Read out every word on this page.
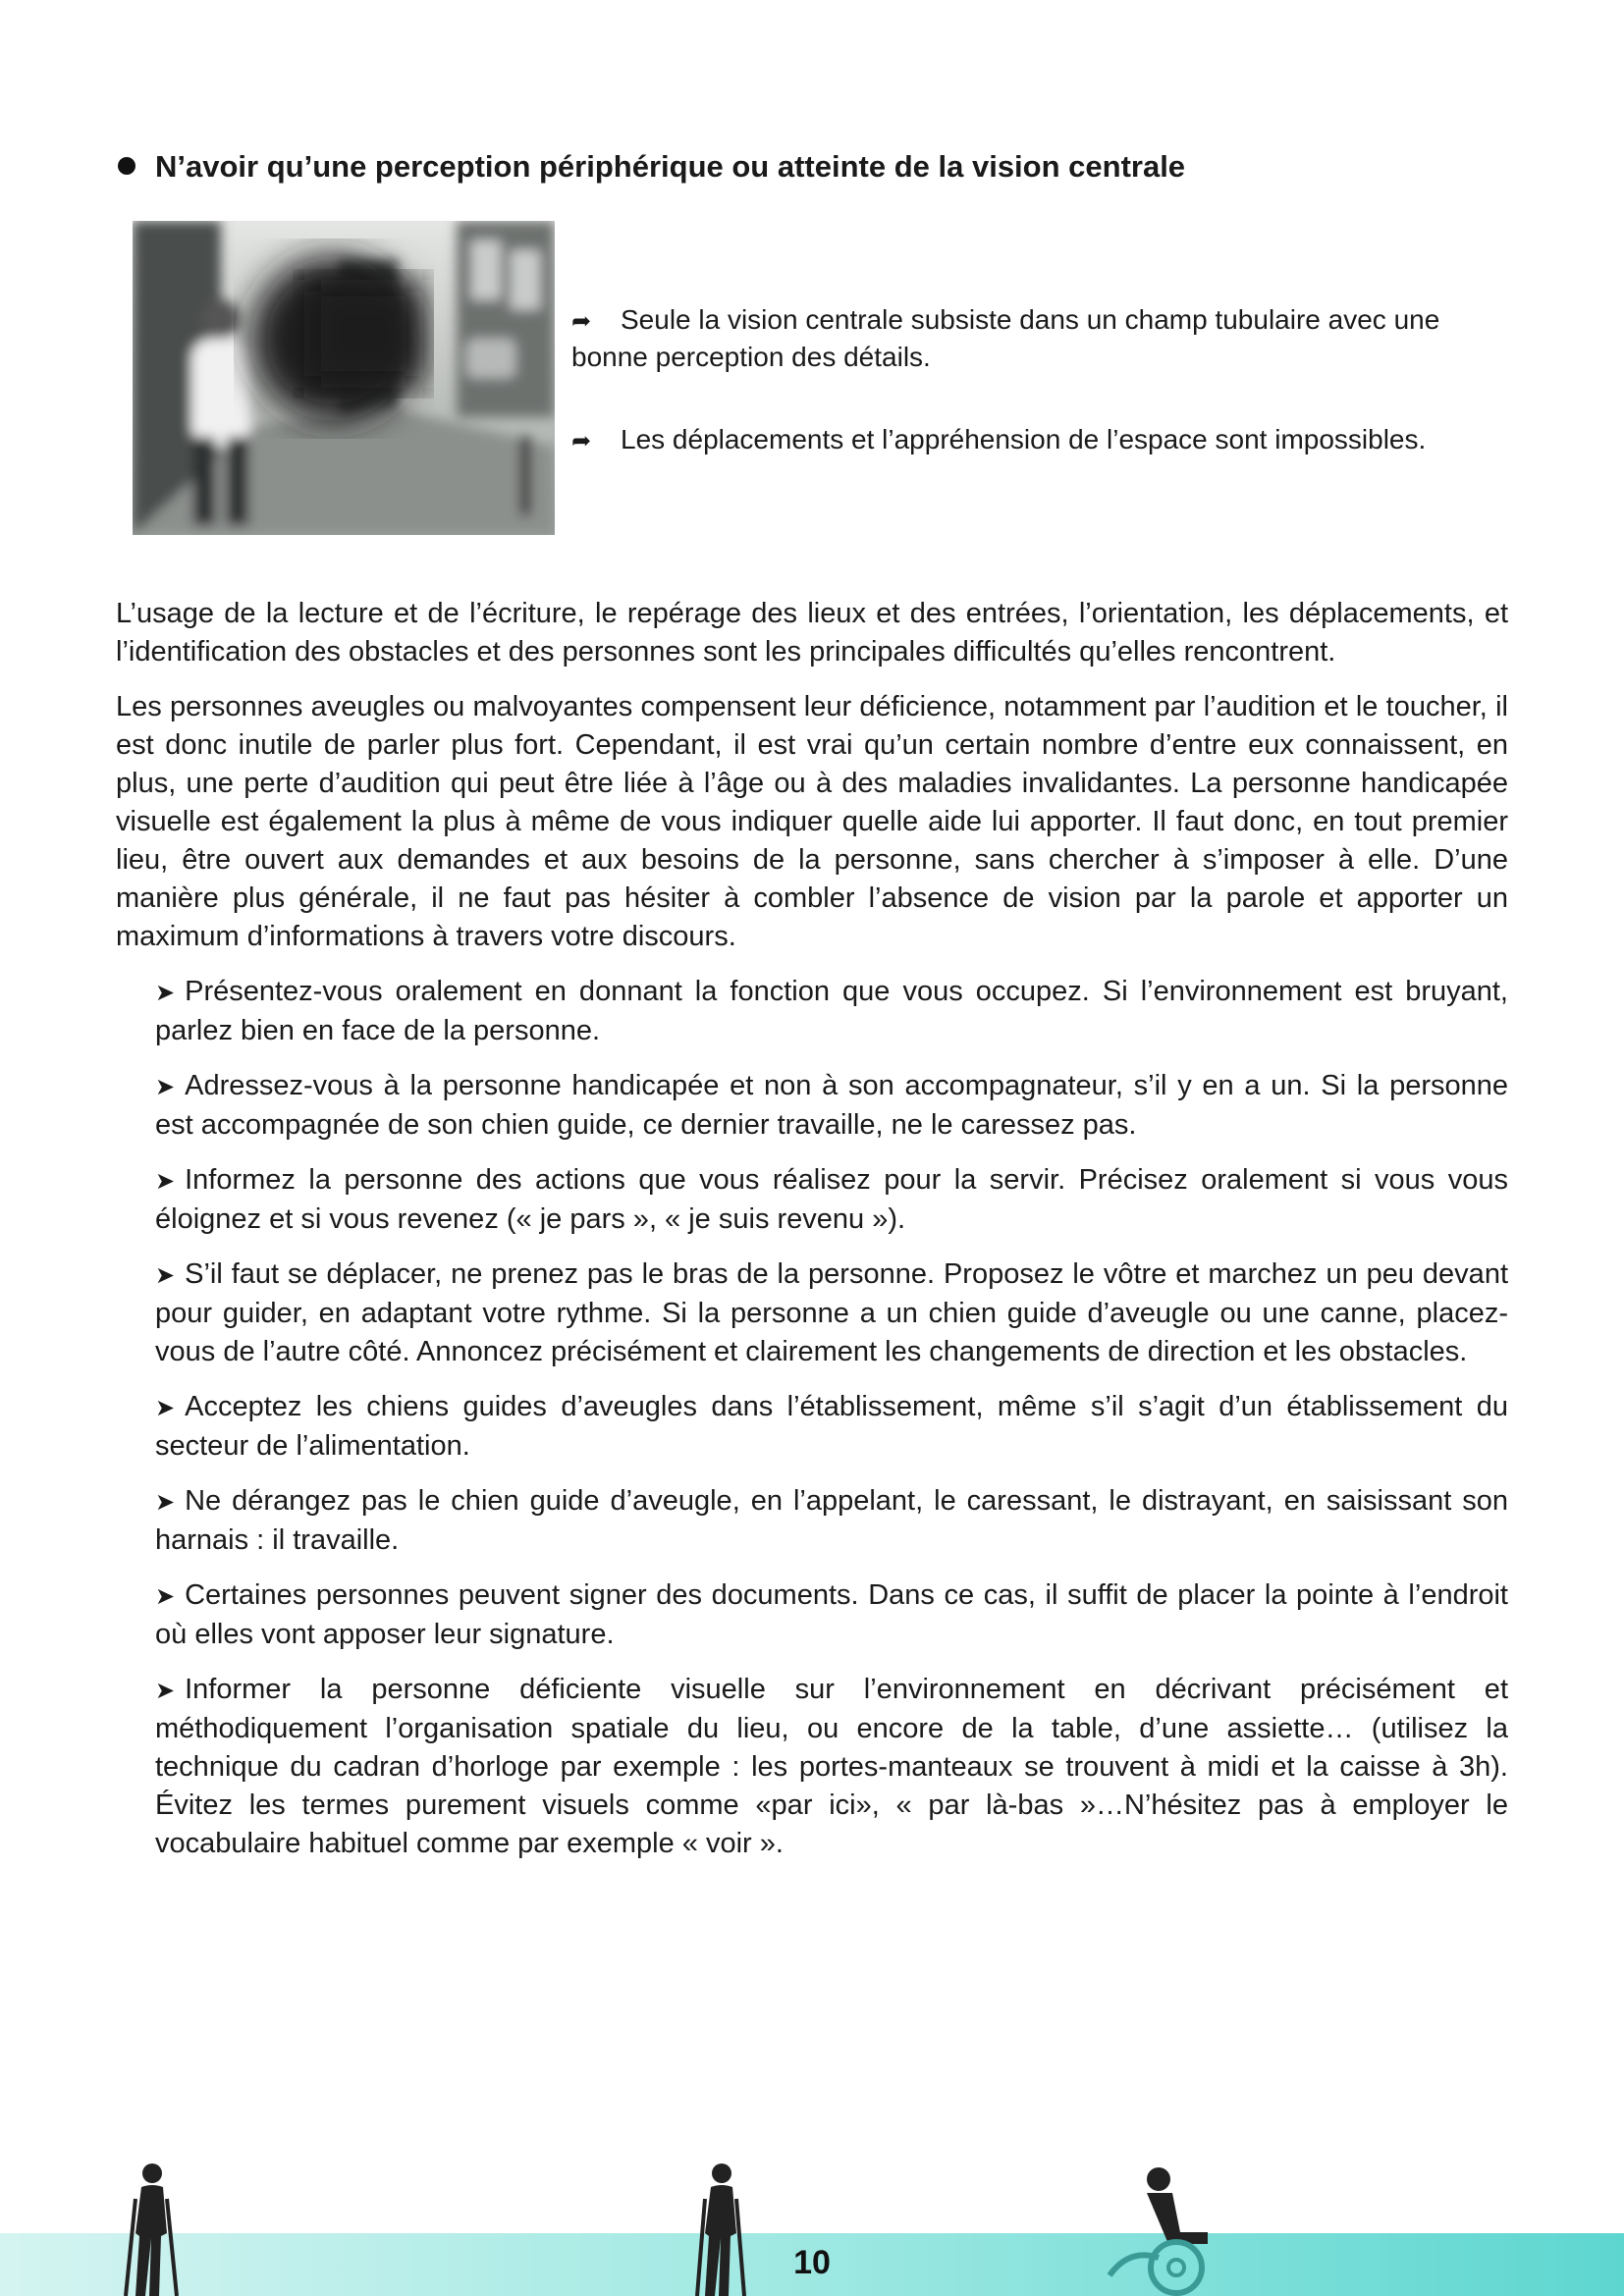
N’avoir qu’une perception périphérique ou atteinte de la vision centrale

➦ Seule la vision centrale subsiste dans un champ tubulaire avec une bonne perception des détails.

➦ Les déplacements et l’appréhension de l’espace sont impossibles.

L’usage de la lecture et de l’écriture, le repérage des lieux et des entrées, l’orientation, les déplacements, et l’identification des obstacles et des personnes sont les principales difficultés qu’elles rencontrent.

Les personnes aveugles ou malvoyantes compensent leur déficience, notamment par l’audition et le toucher, il est donc inutile de parler plus fort. Cependant, il est vrai qu’un certain nombre d’entre eux connaissent, en plus, une perte d’audition qui peut être liée à l’âge ou à des maladies invalidantes. La personne handicapée visuelle est également la plus à même de vous indiquer quelle aide lui apporter. Il faut donc, en tout premier lieu, être ouvert aux demandes et aux besoins de la personne, sans chercher à s’imposer à elle. D’une manière plus générale, il ne faut pas hésiter à combler l’absence de vision par la parole et apporter un maximum d’informations à travers votre discours.

➤ Présentez-vous oralement en donnant la fonction que vous occupez. Si l’environnement est bruyant, parlez bien en face de la personne.
➤ Adressez-vous à la personne handicapée et non à son accompagnateur, s’il y en a un. Si la personne est accompagnée de son chien guide, ce dernier travaille, ne le caressez pas.
➤ Informez la personne des actions que vous réalisez pour la servir. Précisez oralement si vous vous éloignez et si vous revenez (« je pars », « je suis revenu »).
➤ S’il faut se déplacer, ne prenez pas le bras de la personne. Proposez le vôtre et marchez un peu devant pour guider, en adaptant votre rythme. Si la personne a un chien guide d’aveugle ou une canne, placez-vous de l’autre côté. Annoncez précisément et clairement les changements de direction et les obstacles.
➤ Acceptez les chiens guides d’aveugles dans l’établissement, même s’il s’agit d’un établissement du secteur de l’alimentation.
➤ Ne dérangez pas le chien guide d’aveugle, en l’appelant, le caressant, le distrayant, en saisissant son harnais : il travaille.
➤ Certaines personnes peuvent signer des documents. Dans ce cas, il suffit de placer la pointe à l’endroit où elles vont apposer leur signature.
➤ Informer la personne déficiente visuelle sur l’environnement en décrivant précisément et méthodiquement l’organisation spatiale du lieu, ou encore de la table, d’une assiette… (utilisez la technique du cadran d’horloge par exemple : les portes-manteaux se trouvent à midi et la caisse à 3h). Évitez les termes purement visuels comme «par ici», « par là-bas »…N’hésitez pas à employer le vocabulaire habituel comme par exemple « voir ».
10
